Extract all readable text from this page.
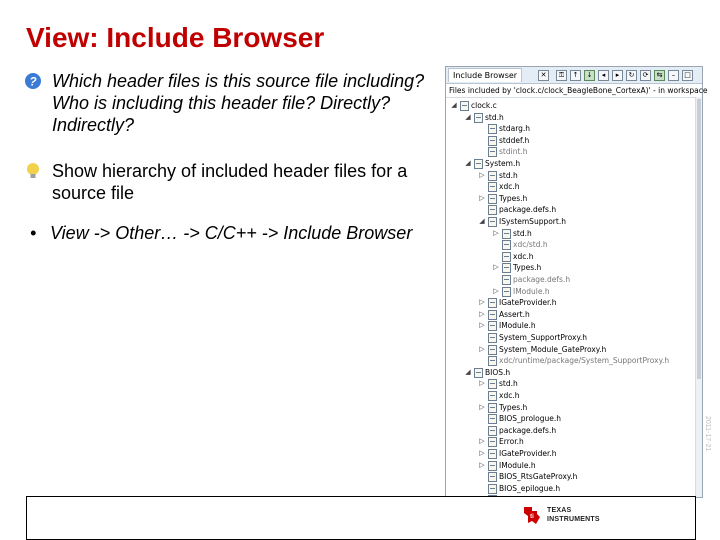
View: Include Browser
? Which header files is this source file including? Who is including this header file? Directly? Indirectly?
Show hierarchy of included header files for a source file
• View -> Other… -> C/C++ -> Include Browser
Include Browser	✕	⚿	↑	↓	◂	▸	↻	⟳	⇆	–	□
Files included by 'clock.c/clock_BeagleBone_CortexA)' - in workspace
◢ clock.c
◢ std.h
stdarg.h
stddef.h
stdint.h
◢ System.h
▷ std.h
xdc.h
▷ Types.h
package.defs.h
◢ ISystemSupport.h
▷ std.h
xdc/std.h
xdc.h
▷ Types.h
package.defs.h
▷ IModule.h
▷ IGateProvider.h
▷ Assert.h
▷ IModule.h
System_SupportProxy.h
▷ System_Module_GateProxy.h
xdc/runtime/package/System_SupportProxy.h
◢ BIOS.h
▷ std.h
xdc.h
▷ Types.h
BIOS_prologue.h
package.defs.h
▷ Error.h
▷ IGateProvider.h
▷ IModule.h
BIOS_RtsGateProxy.h
BIOS_epilogue.h
2011-17-21
ti
TEXAS
INSTRUMENTS
